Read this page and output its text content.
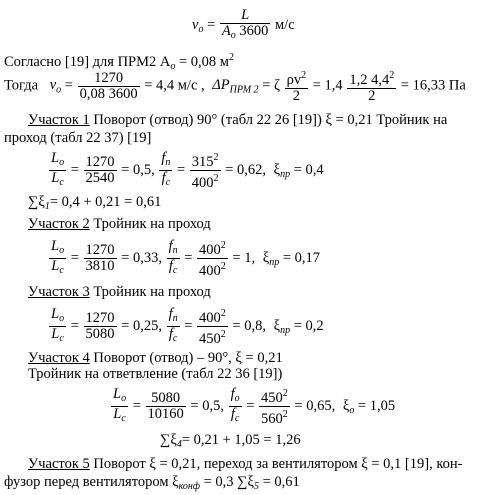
$v_o = \frac{L}{A_o 3600} м/с$
Согласно [19] для ПРМ2 $A_o = 0,08$ $м^2$
Тогда $v_o = \frac{1270}{0,08 3600} = 4,4$ м/с , $\Delta P_{ПРМ 2} = \zeta \frac{\rho v^2}{2} = 1,4 \frac{1,2 4,4^2}{2} = 16,33$ Па
Участок 1 Поворот (отвод) 90° (табл 22 26 [19]) ξ = 0,21 Тройник на
проход (табл 22 37) [19]
$\frac{L_o}{L_c} = \frac{1270}{2540} = 0,5$, $\frac{f_п}{f_c} = \frac{315^2}{400^2} = 0,62$, $\xi_{пр} = 0,4$
$\sum\xi_1= 0,4 + 0,21 = 0,61$
Участок 2 Тройник на проход
$\frac{L_o}{L_c} = \frac{1270}{3810} = 0,33$, $\frac{f_п}{f_c} = \frac{400^2}{400^2} = 1$, $\xi_{пр} = 0,17$
Участок 3 Тройник на проход
$\frac{L_o}{L_c} = \frac{1270}{5080} = 0,25$, $\frac{f_п}{f_c} = \frac{400^2}{450^2} = 0,8$, $\xi_{пр} = 0,2$
Участок 4 Поворот (отвод) – 90°, ξ = 0,21
Тройник на ответвление (табл 22 36 [19])
$\frac{L_o}{L_c} = \frac{5080}{10160} = 0,5$, $\frac{f_о}{f_c} = \frac{450^2}{560^2} = 0,65$, $\xi_о = 1,05$
$\sum\xi_4= 0,21 + 1,05 = 1,26$
Участок 5 Поворот ξ = 0,21, переход за вентилятором ξ = 0,1 [19], кон-
фузор перед вентилятором $\xi_{конф} = 0,3$ $\sum\xi_5 = 0,61$
